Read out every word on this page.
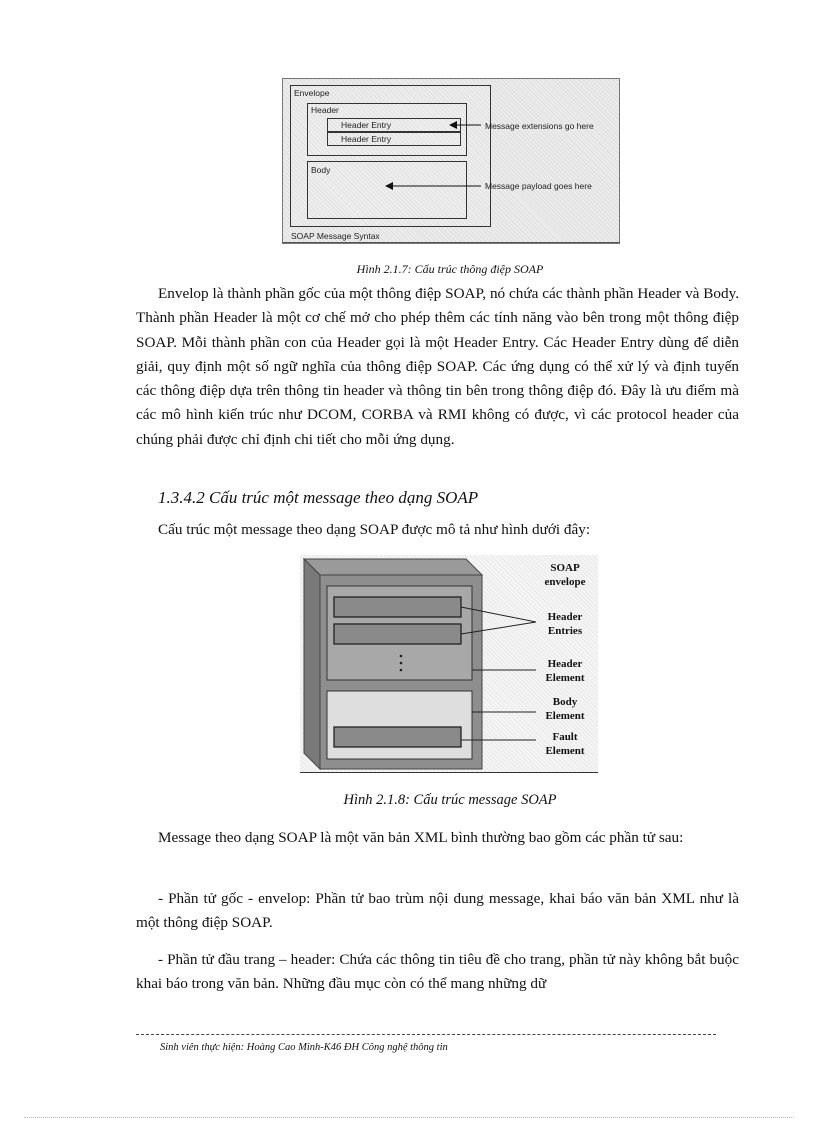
Envelope
Header
Header Entry
Header Entry
Body
Message extensions go here
Message payload goes here
SOAP Message Syntax
Hình 2.1.7: Cấu trúc thông điệp SOAP

Envelop là thành phần gốc của một thông điệp SOAP, nó chứa các thành phần Header và Body. Thành phần Header là một cơ chế mở cho phép thêm các tính năng vào bên trong một thông điệp SOAP. Mỗi thành phần con của Header gọi là một Header Entry. Các Header Entry dùng để diễn giải, quy định một số ngữ nghĩa của thông điệp SOAP. Các ứng dụng có thể xử lý và định tuyến các thông điệp dựa trên thông tin header và thông tin bên trong thông điệp đó. Đây là ưu điểm mà các mô hình kiến trúc như DCOM, CORBA và RMI không có được, vì các protocol header của chúng phải được chỉ định chi tiết cho mỗi ứng dụng.

1.3.4.2 Cấu trúc một message theo dạng SOAP

Cấu trúc một message theo dạng SOAP được mô tả như hình dưới đây:

SOAP
envelope
Header
Entries
Header
Element
Body
Element
Fault
Element
Hình 2.1.8: Cấu trúc message SOAP

Message theo dạng SOAP là một văn bản XML bình thường bao gồm các phần tử sau:

- Phần tử gốc - envelop: Phần tử bao trùm nội dung message, khai báo văn bản XML như là một thông điệp SOAP.

- Phần tử đầu trang – header: Chứa các thông tin tiêu đề cho trang, phần tử này không bắt buộc khai báo trong văn bản. Những đầu mục còn có thể mang những dữ

Sinh viên thực hiện: Hoàng Cao Minh-K46 ĐH Công nghệ thông tin
